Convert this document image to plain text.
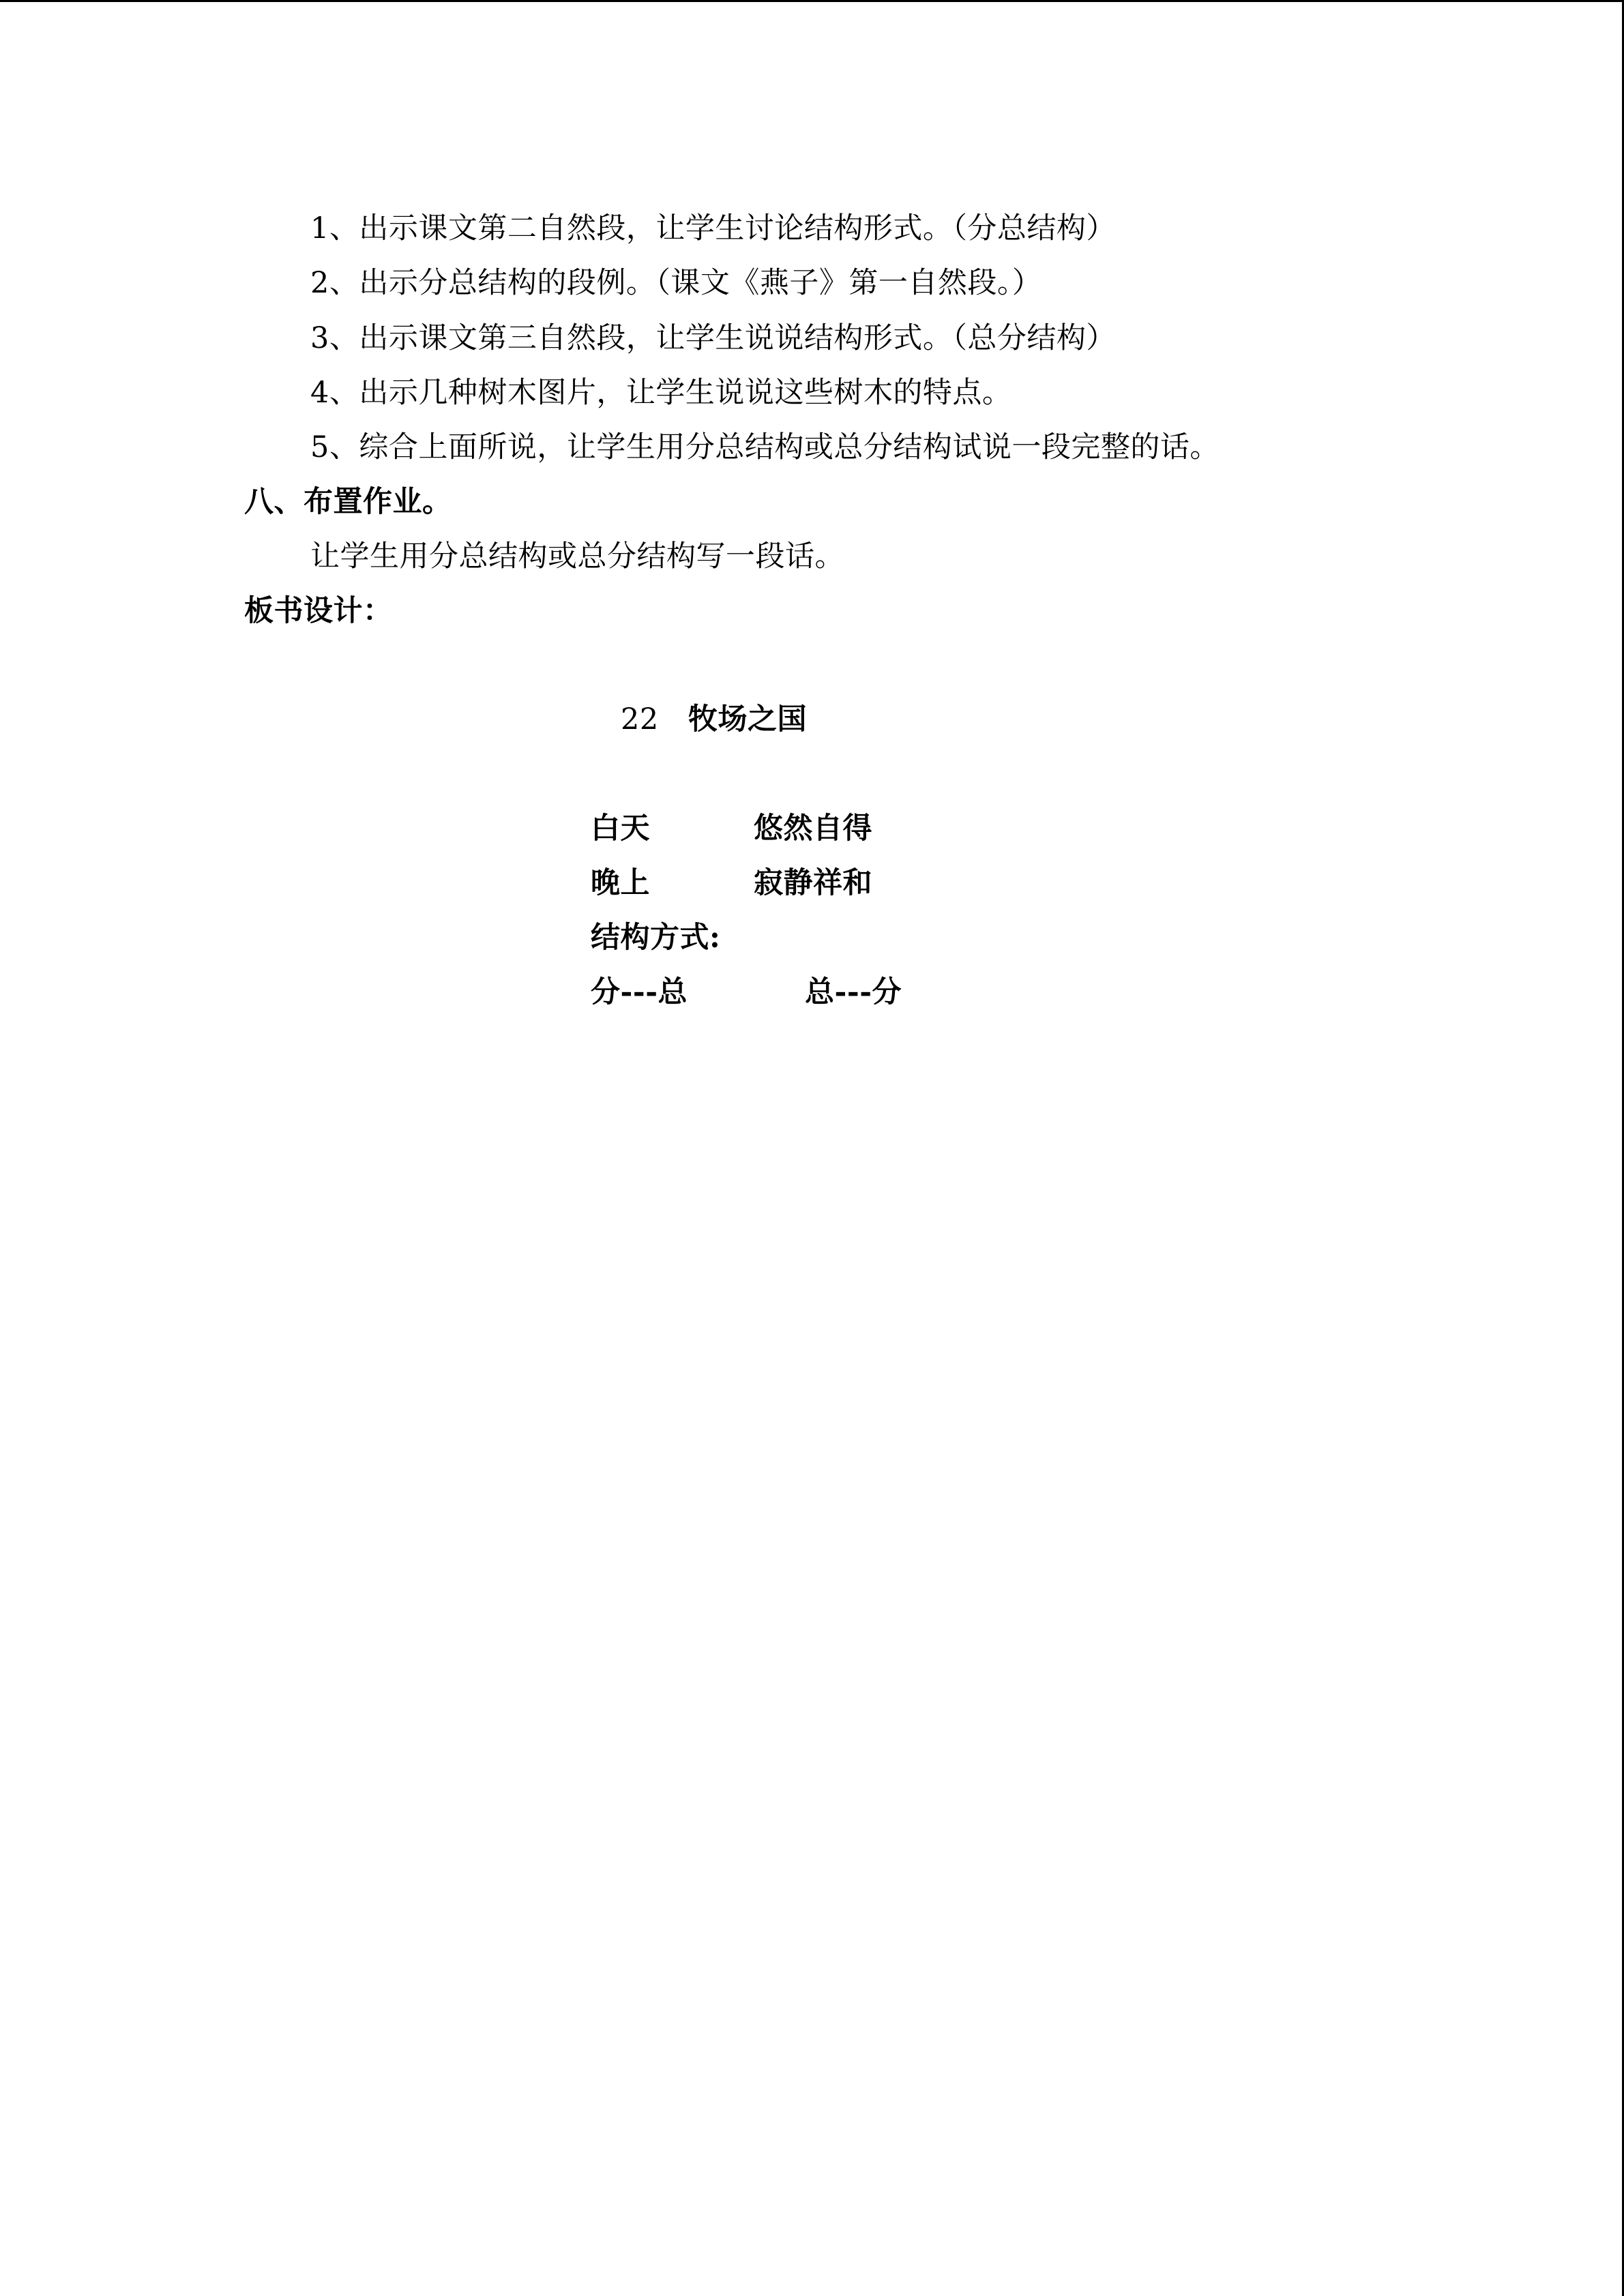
1、出示课文第二自然段，让学生讨论结构形式。（分总结构）
2、出示分总结构的段例。（课文《燕子》第一自然段。）
3、出示课文第三自然段，让学生说说结构形式。（总分结构）
4、出示几种树木图片，让学生说说这些树木的特点。
5、综合上面所说，让学生用分总结构或总分结构试说一段完整的话。
八、布置作业。
让学生用分总结构或总分结构写一段话。
板书设计：
22 牧场之国
白天	悠然自得
晚上	寂静祥和
结构方式:
分---总	总---分
